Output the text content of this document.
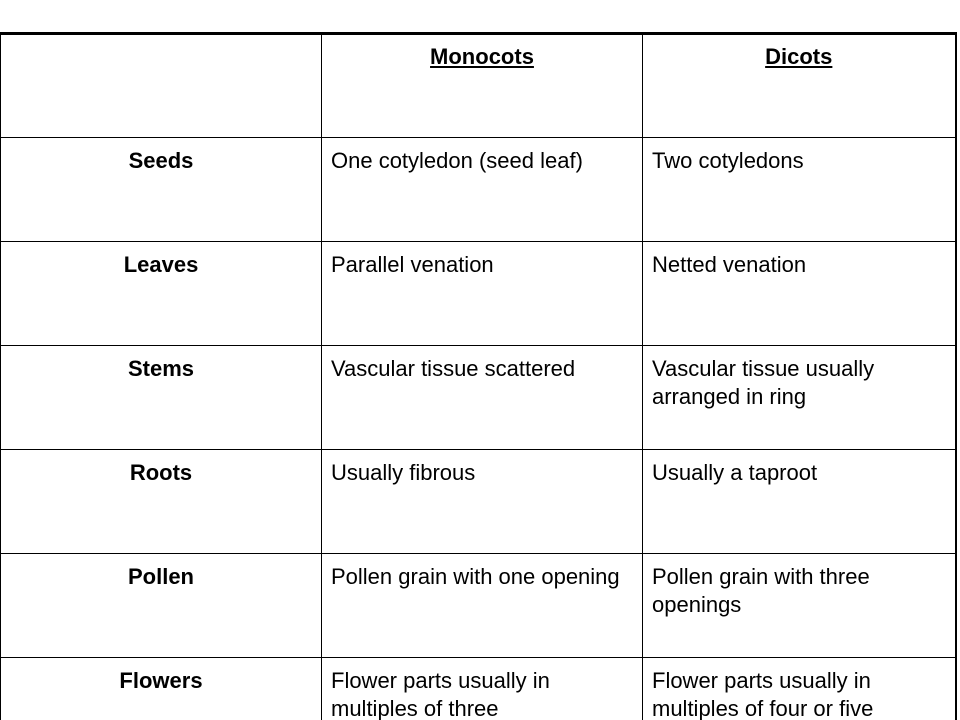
	Monocots	Dicots
Seeds	One cotyledon (seed leaf)	Two cotyledons
Leaves	Parallel venation	Netted venation
Stems	Vascular tissue scattered	Vascular tissue usually arranged in ring
Roots	Usually fibrous	Usually a taproot
Pollen	Pollen grain with one opening	Pollen grain with three openings
Flowers	Flower parts usually in multiples of three	Flower parts usually in multiples of four or five
